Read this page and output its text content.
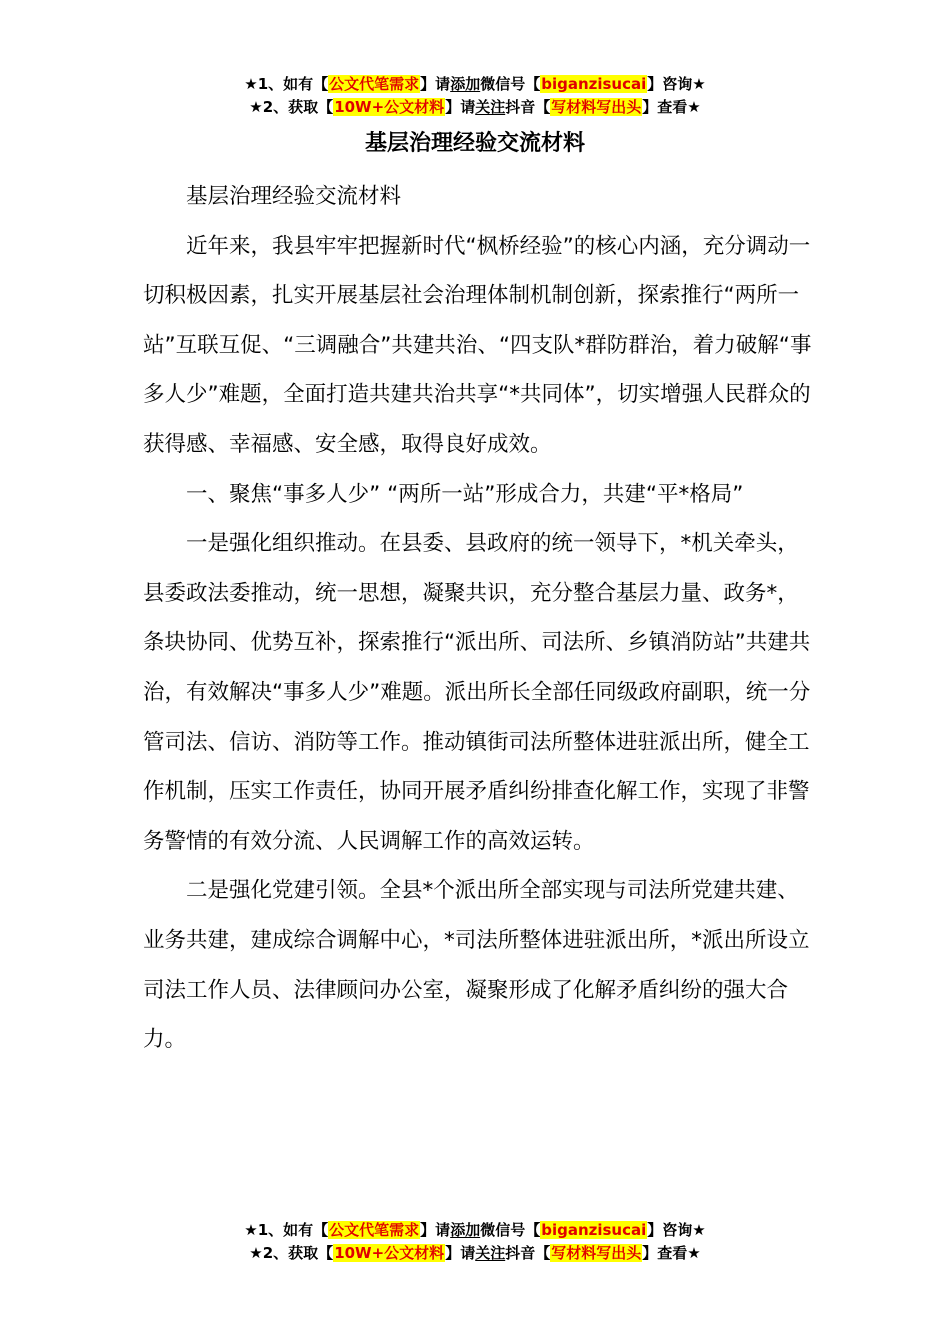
★1、如有【公文代笔需求】请添加微信号【biganzisucai】咨询★
★2、获取【10W+公文材料】请关注抖音【写材料写出头】查看★
基层治理经验交流材料

基层治理经验交流材料

近年来，我县牢牢把握新时代“枫桥经验”的核心内涵，充分调动一切积极因素，扎实开展基层社会治理体制机制创新，探索推行“两所一站”互联互促、“三调融合”共建共治、“四支队*群防群治，着力破解“事多人少”难题，全面打造共建共治共享“*共同体”，切实增强人民群众的获得感、幸福感、安全感，取得良好成效。

一、聚焦“事多人少” “两所一站”形成合力，共建“平*格局”

一是强化组织推动。在县委、县政府的统一领导下，*机关牵头，县委政法委推动，统一思想，凝聚共识，充分整合基层力量、政务*，条块协同、优势互补，探索推行“派出所、司法所、乡镇消防站”共建共治，有效解决“事多人少”难题。派出所长全部任同级政府副职，统一分管司法、信访、消防等工作。推动镇街司法所整体进驻派出所，健全工作机制，压实工作责任，协同开展矛盾纠纷排查化解工作，实现了非警务警情的有效分流、人民调解工作的高效运转。

二是强化党建引领。全县*个派出所全部实现与司法所党建共建、业务共建，建成综合调解中心，*司法所整体进驻派出所，*派出所设立司法工作人员、法律顾问办公室，凝聚形成了化解矛盾纠纷的强大合力。

★1、如有【公文代笔需求】请添加微信号【biganzisucai】咨询★
★2、获取【10W+公文材料】请关注抖音【写材料写出头】查看★
